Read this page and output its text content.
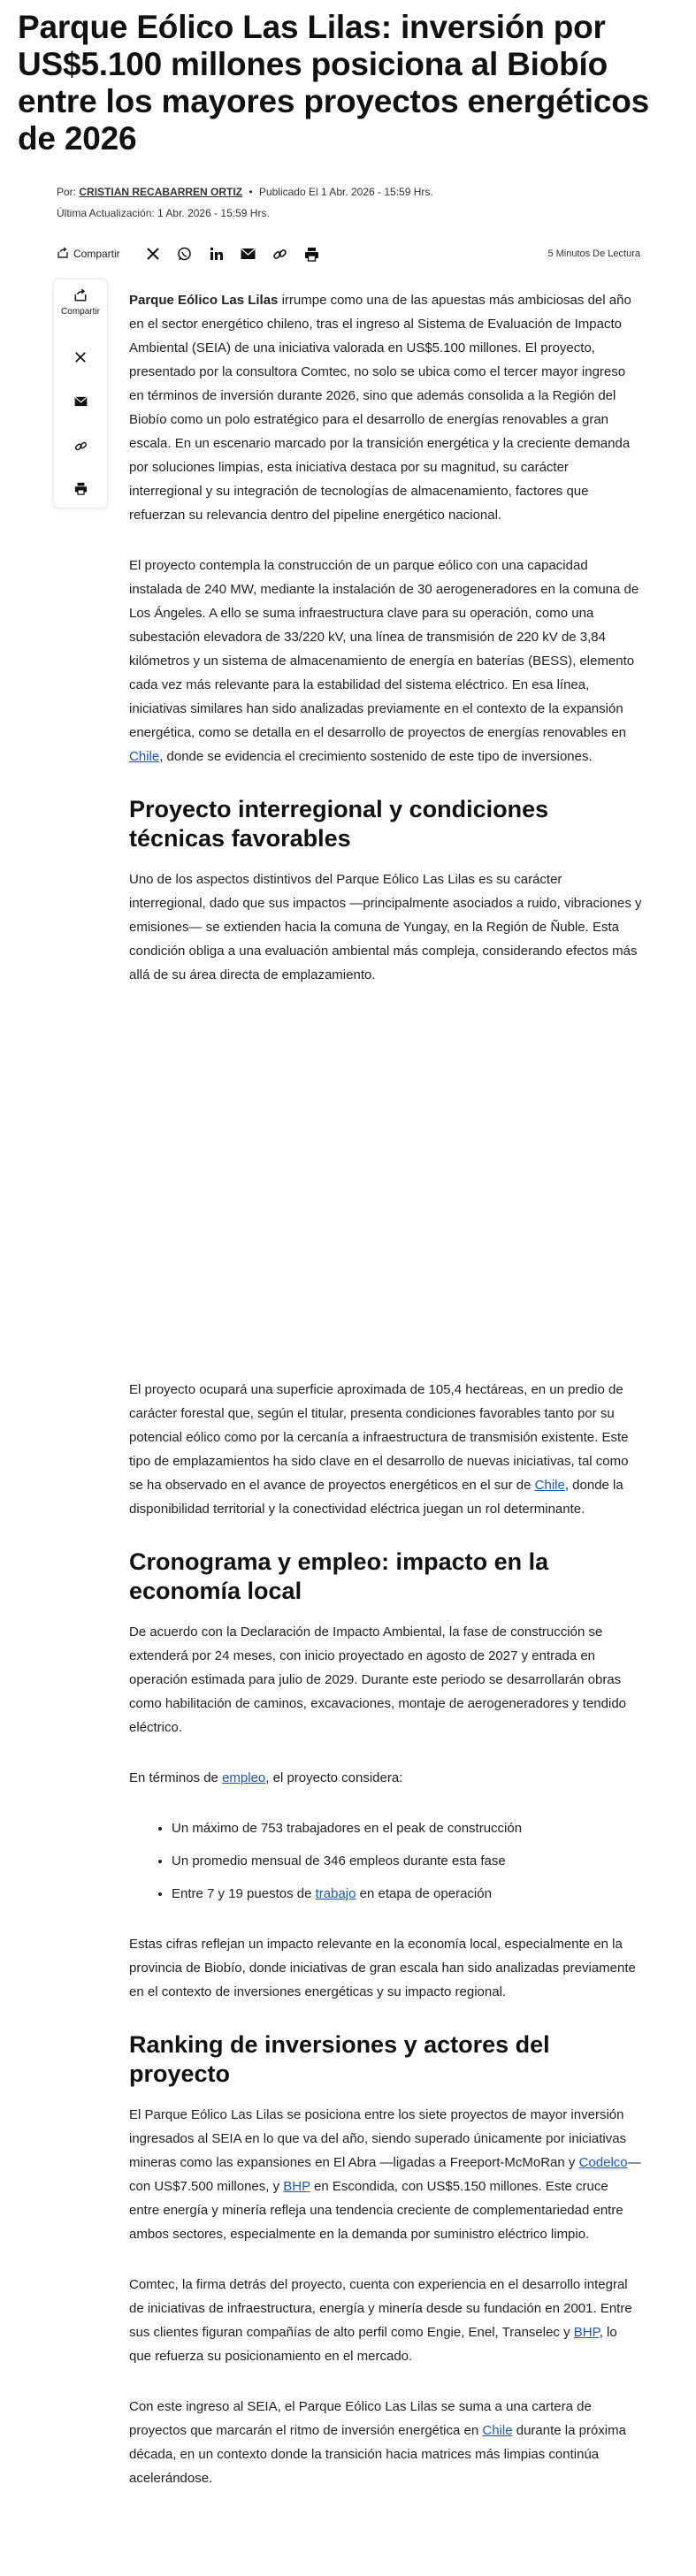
Parque Eólico Las Lilas: inversión por US$5.100 millones posiciona al Biobío entre los mayores proyectos energéticos de 2026
Por: CRISTIAN RECABARREN ORTIZ • Publicado El 1 Abr. 2026 - 15:59 Hrs.
Última Actualización: 1 Abr. 2026 - 15:59 Hrs.
Compartir	5 Minutos De Lectura
Compartir

Parque Eólico Las Lilas irrumpe como una de las apuestas más ambiciosas del año en el sector energético chileno, tras el ingreso al Sistema de Evaluación de Impacto Ambiental (SEIA) de una iniciativa valorada en US$5.100 millones. El proyecto, presentado por la consultora Comtec, no solo se ubica como el tercer mayor ingreso en términos de inversión durante 2026, sino que además consolida a la Región del Biobío como un polo estratégico para el desarrollo de energías renovables a gran escala. En un escenario marcado por la transición energética y la creciente demanda por soluciones limpias, esta iniciativa destaca por su magnitud, su carácter interregional y su integración de tecnologías de almacenamiento, factores que refuerzan su relevancia dentro del pipeline energético nacional.

El proyecto contempla la construcción de un parque eólico con una capacidad instalada de 240 MW, mediante la instalación de 30 aerogeneradores en la comuna de Los Ángeles. A ello se suma infraestructura clave para su operación, como una subestación elevadora de 33/220 kV, una línea de transmisión de 220 kV de 3,84 kilómetros y un sistema de almacenamiento de energía en baterías (BESS), elemento cada vez más relevante para la estabilidad del sistema eléctrico. En esa línea, iniciativas similares han sido analizadas previamente en el contexto de la expansión energética, como se detalla en el desarrollo de proyectos de energías renovables en Chile, donde se evidencia el crecimiento sostenido de este tipo de inversiones.

Proyecto interregional y condiciones técnicas favorables

Uno de los aspectos distintivos del Parque Eólico Las Lilas es su carácter interregional, dado que sus impactos —principalmente asociados a ruido, vibraciones y emisiones— se extienden hacia la comuna de Yungay, en la Región de Ñuble. Esta condición obliga a una evaluación ambiental más compleja, considerando efectos más allá de su área directa de emplazamiento.

El proyecto ocupará una superficie aproximada de 105,4 hectáreas, en un predio de carácter forestal que, según el titular, presenta condiciones favorables tanto por su potencial eólico como por la cercanía a infraestructura de transmisión existente. Este tipo de emplazamientos ha sido clave en el desarrollo de nuevas iniciativas, tal como se ha observado en el avance de proyectos energéticos en el sur de Chile, donde la disponibilidad territorial y la conectividad eléctrica juegan un rol determinante.

Cronograma y empleo: impacto en la economía local

De acuerdo con la Declaración de Impacto Ambiental, la fase de construcción se extenderá por 24 meses, con inicio proyectado en agosto de 2027 y entrada en operación estimada para julio de 2029. Durante este periodo se desarrollarán obras como habilitación de caminos, excavaciones, montaje de aerogeneradores y tendido eléctrico.

En términos de empleo, el proyecto considera:

• Un máximo de 753 trabajadores en el peak de construcción
• Un promedio mensual de 346 empleos durante esta fase
• Entre 7 y 19 puestos de trabajo en etapa de operación

Estas cifras reflejan un impacto relevante en la economía local, especialmente en la provincia de Biobío, donde iniciativas de gran escala han sido analizadas previamente en el contexto de inversiones energéticas y su impacto regional.

Ranking de inversiones y actores del proyecto

El Parque Eólico Las Lilas se posiciona entre los siete proyectos de mayor inversión ingresados al SEIA en lo que va del año, siendo superado únicamente por iniciativas mineras como las expansiones en El Abra —ligadas a Freeport-McMoRan y Codelco— con US$7.500 millones, y BHP en Escondida, con US$5.150 millones. Este cruce entre energía y minería refleja una tendencia creciente de complementariedad entre ambos sectores, especialmente en la demanda por suministro eléctrico limpio.

Comtec, la firma detrás del proyecto, cuenta con experiencia en el desarrollo integral de iniciativas de infraestructura, energía y minería desde su fundación en 2001. Entre sus clientes figuran compañías de alto perfil como Engie, Enel, Transelec y BHP, lo que refuerza su posicionamiento en el mercado.

Con este ingreso al SEIA, el Parque Eólico Las Lilas se suma a una cartera de proyectos que marcarán el ritmo de inversión energética en Chile durante la próxima década, en un contexto donde la transición hacia matrices más limpias continúa acelerándose.
